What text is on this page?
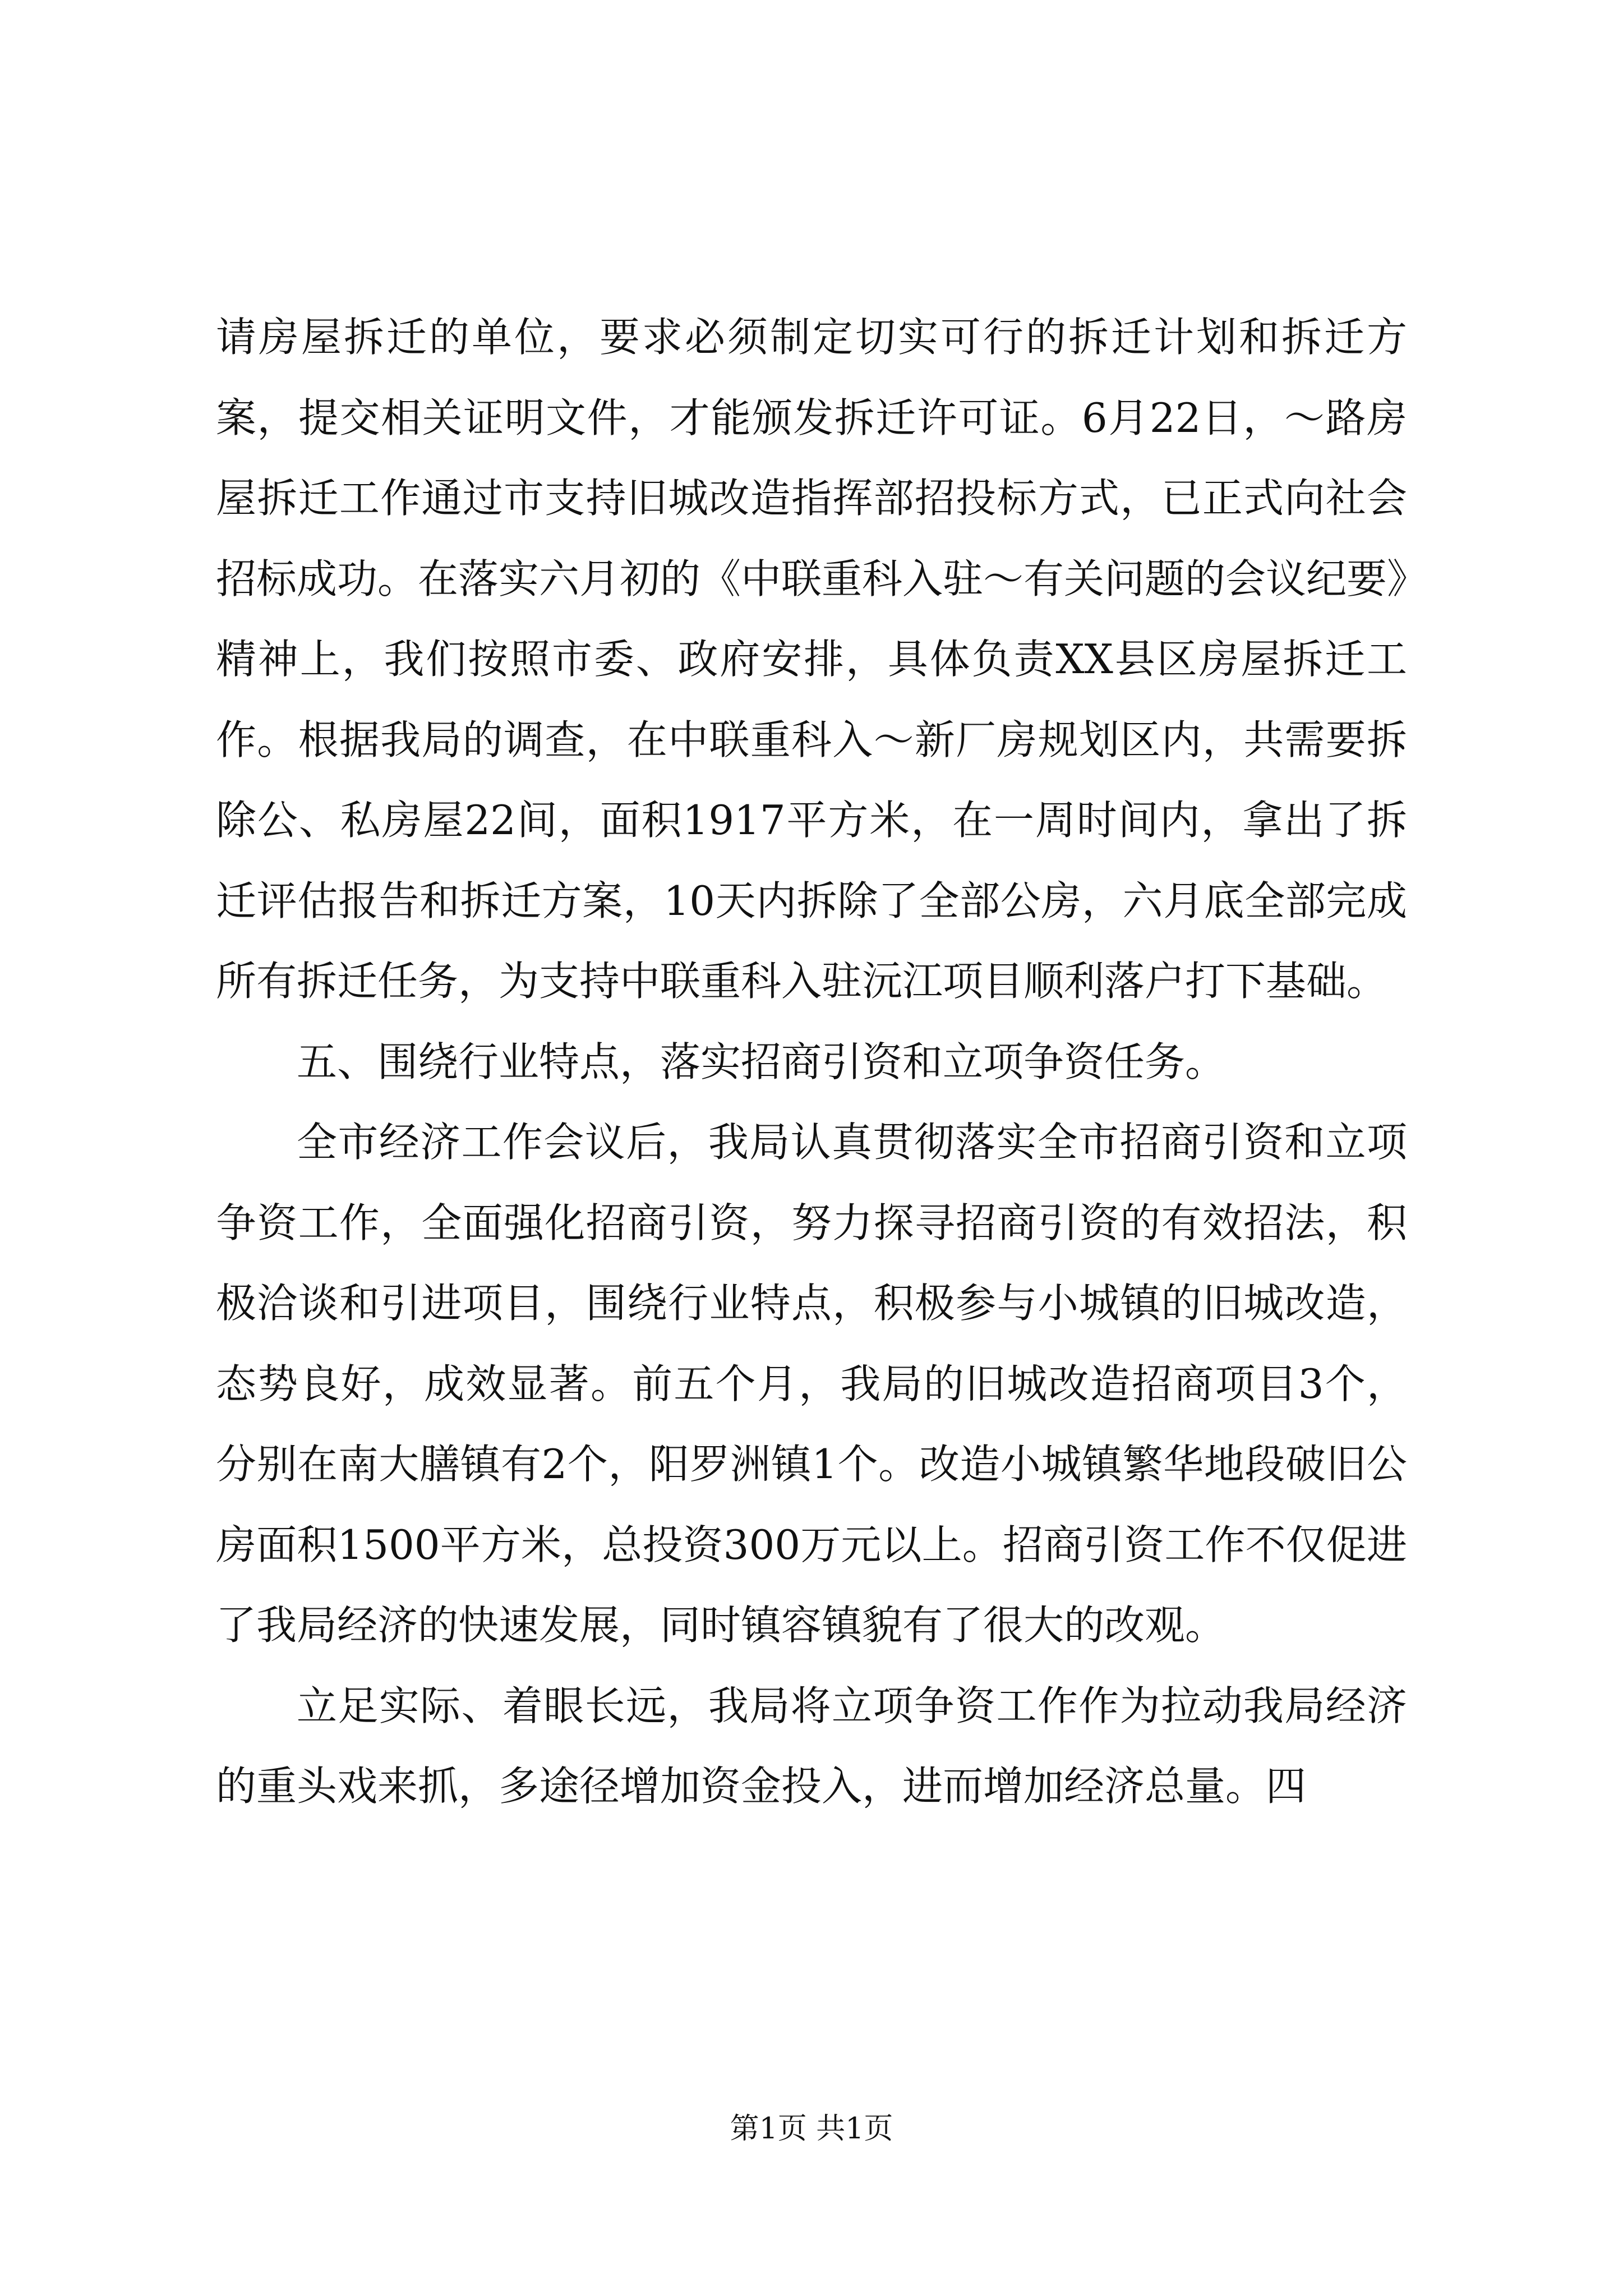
请房屋拆迁的单位，要求必须制定切实可行的拆迁计划和拆迁方案，提交相关证明文件，才能颁发拆迁许可证。6月22日，～路房屋拆迁工作通过市支持旧城改造指挥部招投标方式，已正式向社会招标成功。在落实六月初的《中联重科入驻～有关问题的会议纪要》精神上，我们按照市委、政府安排，具体负责XX县区房屋拆迁工作。根据我局的调查，在中联重科入～新厂房规划区内，共需要拆除公、私房屋22间，面积1917平方米，在一周时间内，拿出了拆迁评估报告和拆迁方案，10天内拆除了全部公房，六月底全部完成所有拆迁任务，为支持中联重科入驻沅江项目顺利落户打下基础。

五、围绕行业特点，落实招商引资和立项争资任务。

全市经济工作会议后，我局认真贯彻落实全市招商引资和立项争资工作，全面强化招商引资，努力探寻招商引资的有效招法，积极洽谈和引进项目，围绕行业特点，积极参与小城镇的旧城改造，态势良好，成效显著。前五个月，我局的旧城改造招商项目3个，分别在南大膳镇有2个，阳罗洲镇1个。改造小城镇繁华地段破旧公房面积1500平方米，总投资300万元以上。招商引资工作不仅促进了我局经济的快速发展，同时镇容镇貌有了很大的改观。

立足实际、着眼长远，我局将立项争资工作作为拉动我局经济的重头戏来抓，多途径增加资金投入，进而增加经济总量。四

第1页 共1页
